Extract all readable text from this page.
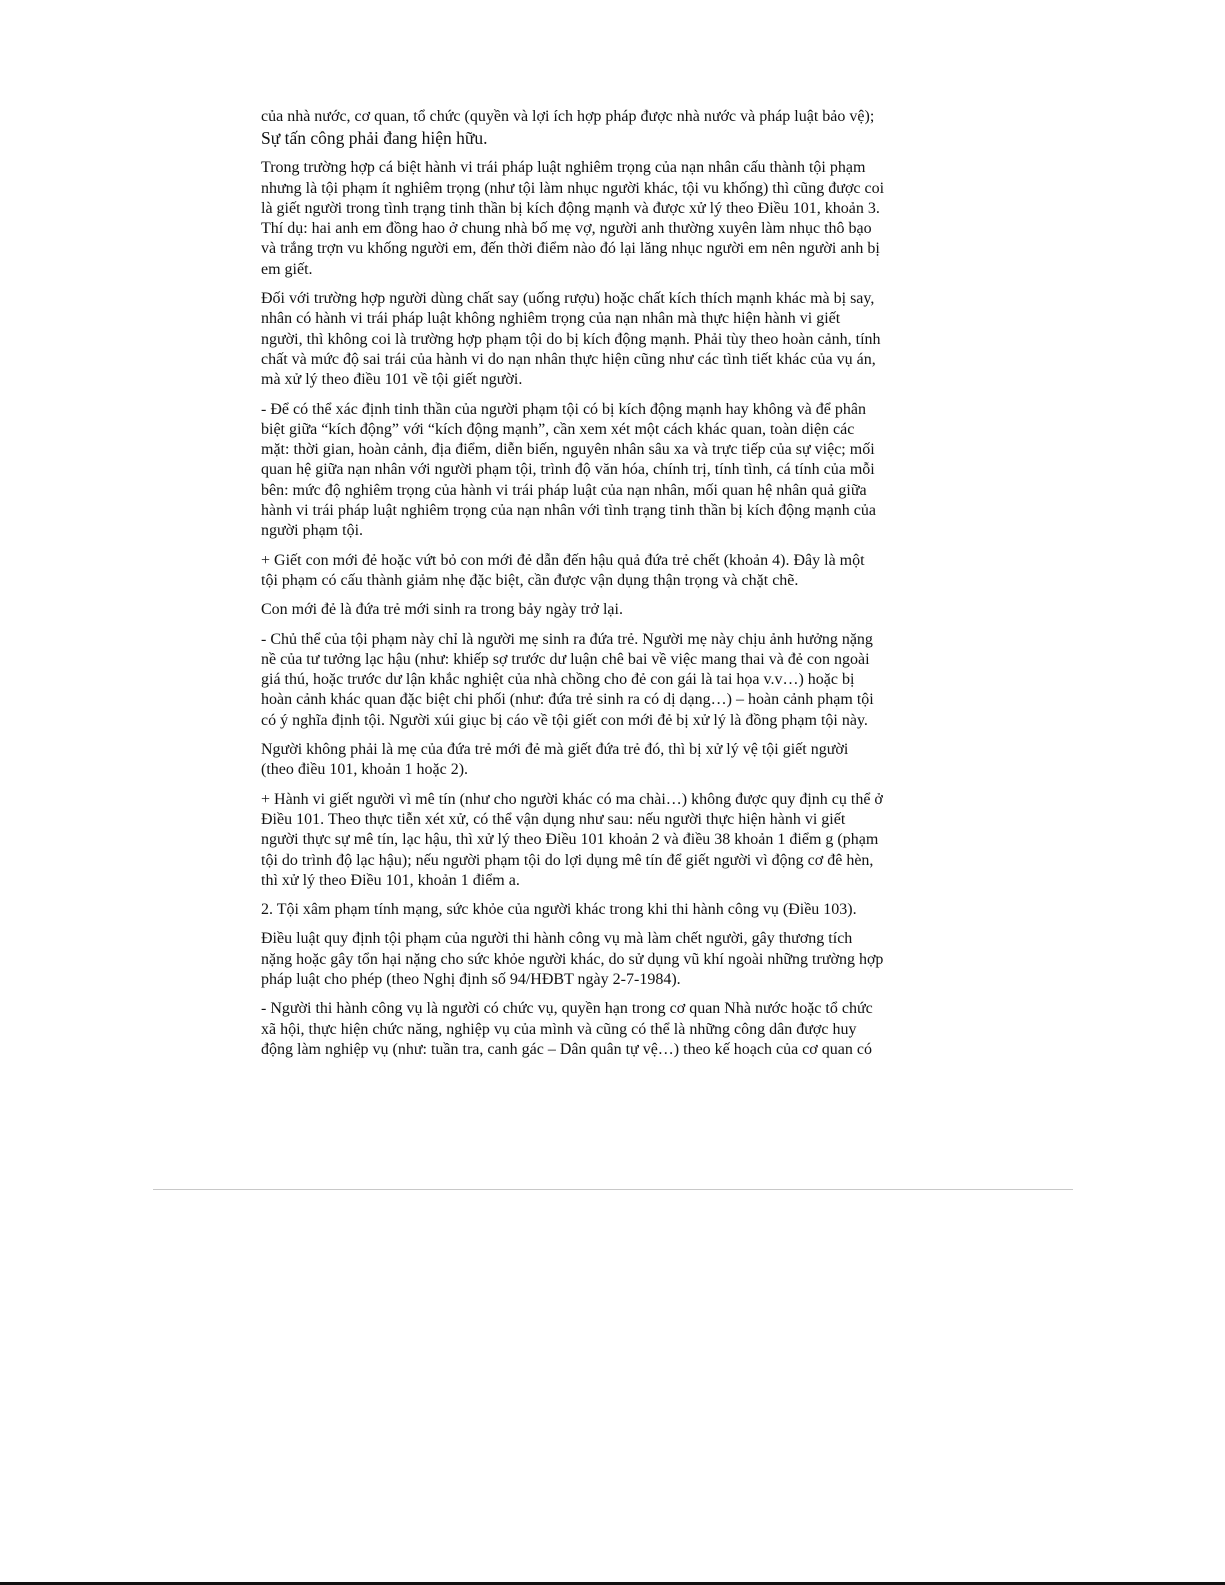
của nhà nước, cơ quan, tổ chức (quyền và lợi ích hợp pháp được nhà nước và pháp luật bảo vệ);
Sự tấn công phải đang hiện hữu.

Trong trường hợp cá biệt hành vi trái pháp luật nghiêm trọng của nạn nhân cấu thành tội phạm
nhưng là tội phạm ít nghiêm trọng (như tội làm nhục người khác, tội vu khống) thì cũng được coi
là giết người trong tình trạng tinh thần bị kích động mạnh và được xử lý theo Điều 101, khoản 3.
Thí dụ: hai anh em đồng hao ở chung nhà bố mẹ vợ, người anh thường xuyên làm nhục thô bạo
và trắng trợn vu khống người em, đến thời điểm nào đó lại lăng nhục người em nên người anh bị
em giết.

Đối với trường hợp người dùng chất say (uống rượu) hoặc chất kích thích mạnh khác mà bị say,
nhân có hành vi trái pháp luật không nghiêm trọng của nạn nhân mà thực hiện hành vi giết
người, thì không coi là trường hợp phạm tội do bị kích động mạnh. Phải tùy theo hoàn cảnh, tính
chất và mức độ sai trái của hành vi do nạn nhân thực hiện cũng như các tình tiết khác của vụ án,
mà xử lý theo điều 101 về tội giết người.

- Để có thể xác định tinh thần của người phạm tội có bị kích động mạnh hay không và để phân
biệt giữa “kích động” với “kích động mạnh”, cần xem xét một cách khác quan, toàn diện các
mặt: thời gian, hoàn cảnh, địa điểm, diễn biến, nguyên nhân sâu xa và trực tiếp của sự việc; mối
quan hệ giữa nạn nhân với người phạm tội, trình độ văn hóa, chính trị, tính tình, cá tính của mỗi
bên: mức độ nghiêm trọng của hành vi trái pháp luật của nạn nhân, mối quan hệ nhân quả giữa
hành vi trái pháp luật nghiêm trọng của nạn nhân với tình trạng tinh thần bị kích động mạnh của
người phạm tội.

+ Giết con mới đẻ hoặc vứt bỏ con mới đẻ dẫn đến hậu quả đứa trẻ chết (khoản 4). Đây là một
tội phạm có cấu thành giảm nhẹ đặc biệt, cần được vận dụng thận trọng và chặt chẽ.

Con mới đẻ là đứa trẻ mới sinh ra trong bảy ngày trở lại.

- Chủ thể của tội phạm này chỉ là người mẹ sinh ra đứa trẻ. Người mẹ này chịu ảnh hưởng nặng
nề của tư tưởng lạc hậu (như: khiếp sợ trước dư luận chê bai về việc mang thai và đẻ con ngoài
giá thú, hoặc trước dư lận khắc nghiệt của nhà chồng cho đẻ con gái là tai họa v.v…) hoặc bị
hoàn cảnh khác quan đặc biệt chi phối (như: đứa trẻ sinh ra có dị dạng…) – hoàn cảnh phạm tội
có ý nghĩa định tội. Người xúi giục bị cáo về tội giết con mới đẻ bị xử lý là đồng phạm tội này.

Người không phải là mẹ của đứa trẻ mới đẻ mà giết đứa trẻ đó, thì bị xử lý vệ tội giết người
(theo điều 101, khoản 1 hoặc 2).

+ Hành vi giết người vì mê tín (như cho người khác có ma chài…) không được quy định cụ thể ở
Điều 101. Theo thực tiễn xét xử, có thể vận dụng như sau: nếu người thực hiện hành vi giết
người thực sự mê tín, lạc hậu, thì xử lý theo Điều 101 khoản 2 và điều 38 khoản 1 điểm g (phạm
tội do trình độ lạc hậu); nếu người phạm tội do lợi dụng mê tín để giết người vì động cơ đê hèn,
thì xử lý theo Điều 101, khoản 1 điểm a.

2. Tội xâm phạm tính mạng, sức khỏe của người khác trong khi thi hành công vụ (Điều 103).

Điều luật quy định tội phạm của người thi hành công vụ mà làm chết người, gây thương tích
nặng hoặc gây tổn hại nặng cho sức khỏe người khác, do sử dụng vũ khí ngoài những trường hợp
pháp luật cho phép (theo Nghị định số 94/HĐBT ngày 2-7-1984).

- Người thi hành công vụ là người có chức vụ, quyền hạn trong cơ quan Nhà nước hoặc tổ chức
xã hội, thực hiện chức năng, nghiệp vụ của mình và cũng có thể là những công dân được huy
động làm nghiệp vụ (như: tuần tra, canh gác – Dân quân tự vệ…) theo kế hoạch của cơ quan có
